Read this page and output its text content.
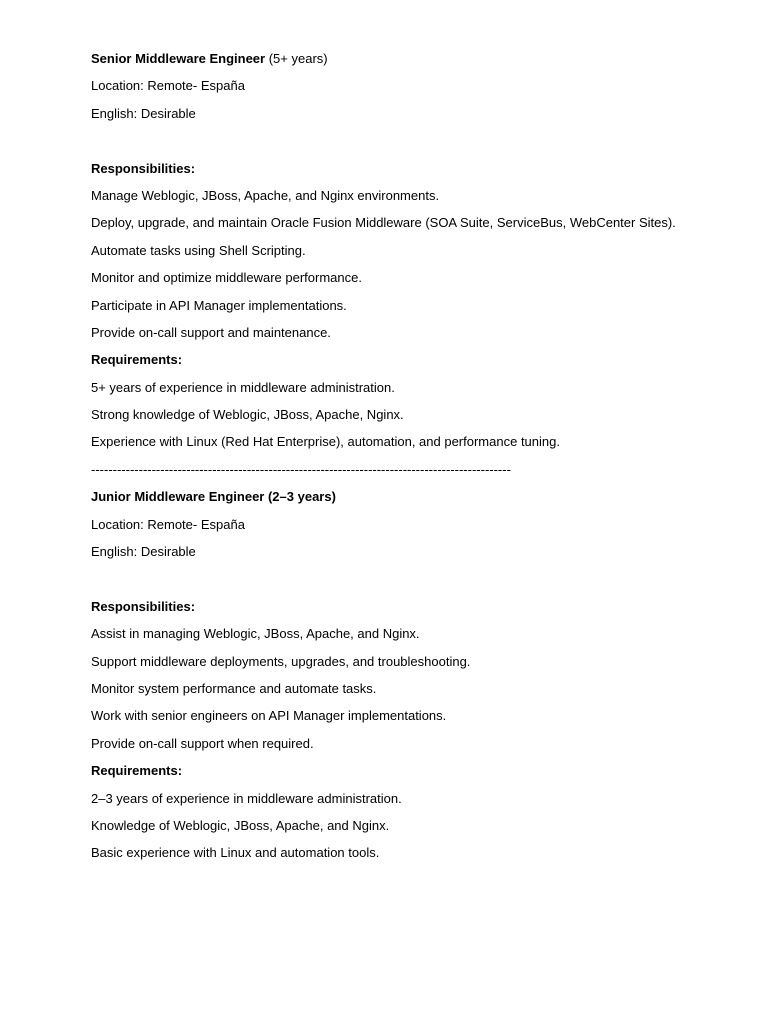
Senior Middleware Engineer (5+ years)
Location: Remote- España
English: Desirable
Responsibilities:
Manage Weblogic, JBoss, Apache, and Nginx environments.
Deploy, upgrade, and maintain Oracle Fusion Middleware (SOA Suite, ServiceBus, WebCenter Sites).
Automate tasks using Shell Scripting.
Monitor and optimize middleware performance.
Participate in API Manager implementations.
Provide on-call support and maintenance.
Requirements:
5+ years of experience in middleware administration.
Strong knowledge of Weblogic, JBoss, Apache, Nginx.
Experience with Linux (Red Hat Enterprise), automation, and performance tuning.
-------------------------------------------------------------------------------------------------
Junior Middleware Engineer (2–3 years)
Location: Remote- España
English: Desirable
Responsibilities:
Assist in managing Weblogic, JBoss, Apache, and Nginx.
Support middleware deployments, upgrades, and troubleshooting.
Monitor system performance and automate tasks.
Work with senior engineers on API Manager implementations.
Provide on-call support when required.
Requirements:
2–3 years of experience in middleware administration.
Knowledge of Weblogic, JBoss, Apache, and Nginx.
Basic experience with Linux and automation tools.
